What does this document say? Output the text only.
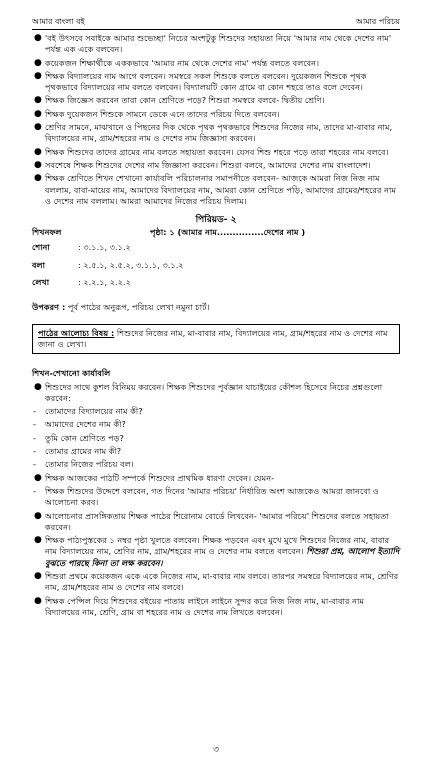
আমার বাংলা বই	আমার পরিচয়
● 'বই উৎসবে সবাইকে আমার শুভেচ্ছা' নিচের অংশটুকু শিশুদের সহায়তা নিয়ে 'আমার নাম থেকে দেশের নাম' পর্যন্ত এক একে বলবেন।
● কয়েকজন শিক্ষার্থীকে এককভাবে 'আমার নাম থেকে দেশের নাম' পর্যন্ত বলতে বলবেন।
● শিক্ষক বিদ্যালয়ের নাম আগে বলবেন। সমস্বরে সকল শিশুকে বলতে বলবেন। দুয়েকজন শিশুকে পৃথক পৃথকভাবে বিদ্যালয়ের নাম বলতে বলবেন। বিদ্যালয়টি কোন গ্রামে বা কোন শহরে তাও বলে দেবেন।
● শিক্ষক জিজ্ঞেস করবেন তারা কোন শ্রেণিতে পড়ে? শিশুরা সমস্বরে বলবে- দ্বিতীয় শ্রেণি।
● শিক্ষক দুয়েকজন শিশুকে সামনে ডেকে এনে তাদের পরিচয় দিতে বলবেন।
● শ্রেণির সামনে, মাঝখানে ও পিছনের দিক থেকে পৃথক পৃথকভাবে শিশুদের নিজের নাম, তাদের মা-বাবার নাম, বিদ্যালয়ের নাম, গ্রাম/শহরের নাম ও দেশের নাম জিজ্ঞাসা করবেন।
● শিক্ষক শিশুদের তাদের গ্রামের নাম বলতে সহায়তা করবেন। যেসব শিশু শহরে পড়ে তারা শহরের নাম বলবে।
● সবশেষে শিক্ষক শিশুদের দেশের নাম জিজ্ঞাসা করবেন। শিশুরা বলবে, আমাদের দেশের নাম বাংলাদেশ।
● শিক্ষক শ্রেণিতে শিখন শেখানো কার্যাবলি পরিচালনার সমাপনীতে বলবেন- আজকে আমরা নিজ নিজ নাম বললাম, বাবা-মায়ের নাম, আমাদের বিদ্যালয়ের নাম, আমরা কোন শ্রেণিতে পড়ি, আমাদের গ্রামের/শহরের নাম ও দেশের নাম বললাম। আমরা আমাদের নিজের পরিচয় দিলাম।
পিরিয়ড- ২
শিখনফল	পৃষ্ঠা: ১ (আমার নাম...............দেশের নাম )
শোনা	: ৩.১.১, ৩.১.২
বলা	: ২.৫.১, ২.৫.২, ৩.১.১, ৩.১.২
লেখা	: ২.২.১, ২.২.২
উপকরণ : পূর্ব পাঠের অনুরূপ, পরিচয় লেখা নমুনা চার্ট।
পাঠের আলোচ্য বিষয় : শিশুদের নিজের নাম, মা-বাবার নাম, বিদ্যালয়ের নাম, গ্রাম/শহরের নাম ও দেশের নাম জানা ও লেখা।
শিখন-শেখানো কার্যাবলি
● শিশুদের সাথে কুশল বিনিময় করবেন। শিক্ষক শিশুদের পূর্বজ্ঞান যাচাইয়ের কৌশল হিসেবে নিচের প্রশ্নগুলো করবেন:
- তোমাদের বিদ্যালয়ের নাম কী?
- আমাদের দেশের নাম কী?
- তুমি কোন শ্রেণিতে পড়?
- তোমার গ্রামের নাম কী?
- তোমার নিজের পরিচয় বল।
● শিক্ষক আজকের পাঠটি সম্পর্কে শিশুদের প্রাথমিক ধারণা দেবেন। যেমন-
- শিক্ষক শিশুদের উদ্দেশে বলবেন, গত দিনের 'আমার পরিচয়' নির্ধারিত অংশ আজকেও আমরা জানবো ও আলোচনা করব।
● আলোচনার প্রাসঙ্গিকতায় শিক্ষক পাঠের শিরোনাম বোর্ডে লিখবেন- 'আমার পরিচয়' শিশুদের বলতে সহায়তা করবেন।
● শিক্ষক পাঠ্যপুস্তকের ১ নম্বর পৃষ্ঠা খুলতে বলবেন। শিক্ষক পড়বেন এবং মুখে মুখে শিশুদের নিজের নাম, বাবার নাম বিদ্যালয়ের নাম, শ্রেণির নাম, গ্রাম/শহরের নাম ও দেশের নাম বলতে বলবেন। শিশুরা প্রশ্ন, আলোপ ইত্যাদি বুঝতে পারছে কিনা তা লক্ষ করবেন।
● শিশুরা প্রথমে কয়েকজন একে একে নিজের নাম, মা-বাবার নাম বলবে। তারপর সমস্বরে বিদ্যালয়ের নাম, শ্রেণির নাম, গ্রাম/শহরের নাম ও দেশের নাম বলবে।
● শিক্ষক পেন্সিল দিয়ে শিশুদের বইয়ের পাতায় লাইনে লাইনে সুন্দর করে নিজ নিজ নাম, মা-বাবার নাম বিদ্যালয়ের নাম, শ্রেণি, গ্রাম বা শহরের নাম ও দেশের নাম লিখতে বলবেন।
৩
